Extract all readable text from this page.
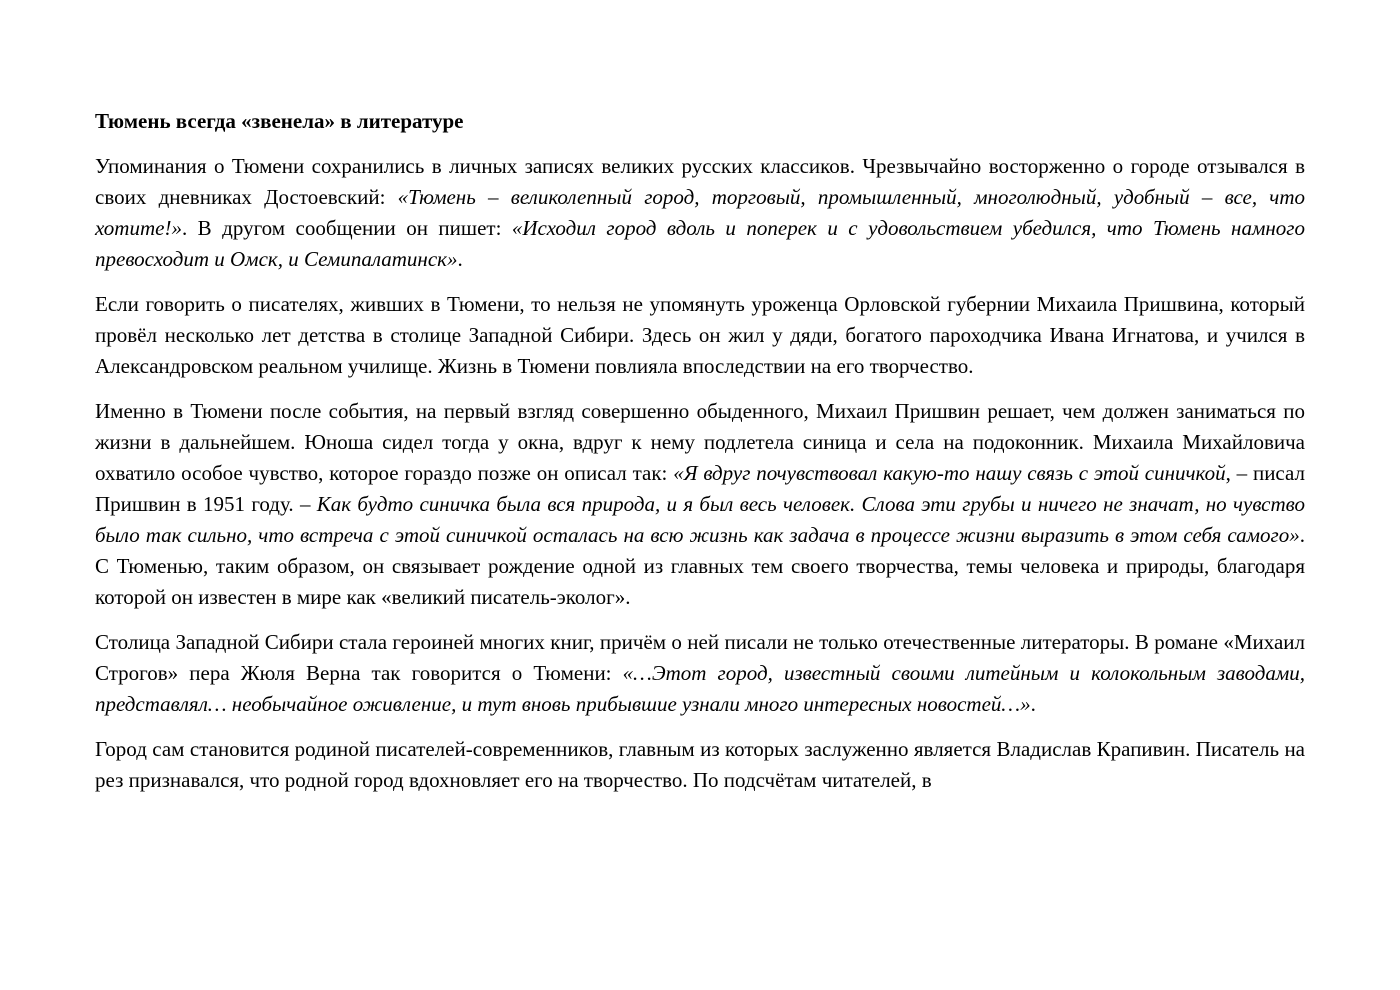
Тюмень всегда «звенела» в литературе

Упоминания о Тюмени сохранились в личных записях великих русских классиков. Чрезвычайно восторженно о городе отзывался в своих дневниках Достоевский: «Тюмень – великолепный город, торговый, промышленный, многолюдный, удобный – все, что хотите!». В другом сообщении он пишет: «Исходил город вдоль и поперек и с удовольствием убедился, что Тюмень намного превосходит и Омск, и Семипалатинск».

Если говорить о писателях, живших в Тюмени, то нельзя не упомянуть уроженца Орловской губернии Михаила Пришвина, который провёл несколько лет детства в столице Западной Сибири. Здесь он жил у дяди, богатого пароходчика Ивана Игнатова, и учился в Александровском реальном училище. Жизнь в Тюмени повлияла впоследствии на его творчество.

Именно в Тюмени после события, на первый взгляд совершенно обыденного, Михаил Пришвин решает, чем должен заниматься по жизни в дальнейшем. Юноша сидел тогда у окна, вдруг к нему подлетела синица и села на подоконник. Михаила Михайловича охватило особое чувство, которое гораздо позже он описал так: «Я вдруг почувствовал какую-то нашу связь с этой синичкой, – писал Пришвин в 1951 году. – Как будто синичка была вся природа, и я был весь человек. Слова эти грубы и ничего не значат, но чувство было так сильно, что встреча с этой синичкой осталась на всю жизнь как задача в процессе жизни выразить в этом себя самого». С Тюменью, таким образом, он связывает рождение одной из главных тем своего творчества, темы человека и природы, благодаря которой он известен в мире как «великий писатель-эколог».

Столица Западной Сибири стала героиней многих книг, причём о ней писали не только отечественные литераторы. В романе «Михаил Строгов» пера Жюля Верна так говорится о Тюмени: «…Этот город, известный своими литейным и колокольным заводами, представлял… необычайное оживление, и тут вновь прибывшие узнали много интересных новостей…».

Город сам становится родиной писателей-современников, главным из которых заслуженно является Владислав Крапивин. Писатель на рез признавался, что родной город вдохновляет его на творчество. По подсчётам читателей, в
